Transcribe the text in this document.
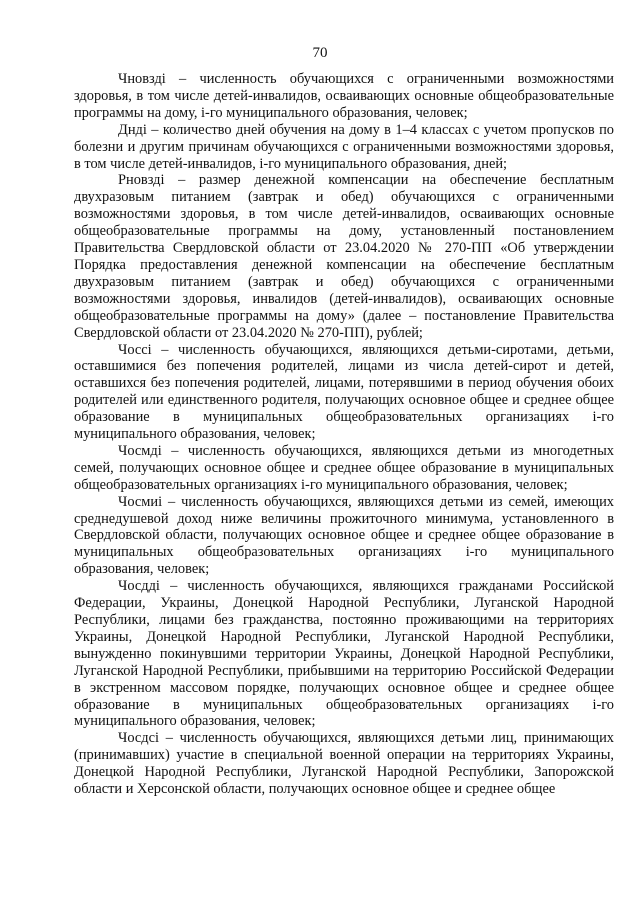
70

Чновзді – численность обучающихся с ограниченными возможностями здоровья, в том числе детей-инвалидов, осваивающих основные общеобразовательные программы на дому, i-го муниципального образования, человек;

Днді – количество дней обучения на дому в 1–4 классах с учетом пропусков по болезни и другим причинам обучающихся с ограниченными возможностями здоровья, в том числе детей-инвалидов, i-го муниципального образования, дней;

Рновзді – размер денежной компенсации на обеспечение бесплатным двухразовым питанием (завтрак и обед) обучающихся с ограниченными возможностями здоровья, в том числе детей-инвалидов, осваивающих основные общеобразовательные программы на дому, установленный постановлением Правительства Свердловской области от 23.04.2020 № 270-ПП «Об утверждении Порядка предоставления денежной компенсации на обеспечение бесплатным двухразовым питанием (завтрак и обед) обучающихся с ограниченными возможностями здоровья, инвалидов (детей-инвалидов), осваивающих основные общеобразовательные программы на дому» (далее – постановление Правительства Свердловской области от 23.04.2020 № 270-ПП), рублей;

Чоссі – численность обучающихся, являющихся детьми-сиротами, детьми, оставшимися без попечения родителей, лицами из числа детей-сирот и детей, оставшихся без попечения родителей, лицами, потерявшими в период обучения обоих родителей или единственного родителя, получающих основное общее и среднее общее образование в муниципальных общеобразовательных организациях i-го муниципального образования, человек;

Чосмді – численность обучающихся, являющихся детьми из многодетных семей, получающих основное общее и среднее общее образование в муниципальных общеобразовательных организациях i-го муниципального образования, человек;

Чосмиі – численность обучающихся, являющихся детьми из семей, имеющих среднедушевой доход ниже величины прожиточного минимума, установленного в Свердловской области, получающих основное общее и среднее общее образование в муниципальных общеобразовательных организациях i-го муниципального образования, человек;

Чосдді – численность обучающихся, являющихся гражданами Российской Федерации, Украины, Донецкой Народной Республики, Луганской Народной Республики, лицами без гражданства, постоянно проживающими на территориях Украины, Донецкой Народной Республики, Луганской Народной Республики, вынужденно покинувшими территории Украины, Донецкой Народной Республики, Луганской Народной Республики, прибывшими на территорию Российской Федерации в экстренном массовом порядке, получающих основное общее и среднее общее образование в муниципальных общеобразовательных организациях i-го муниципального образования, человек;

Чосдсі – численность обучающихся, являющихся детьми лиц, принимающих (принимавших) участие в специальной военной операции на территориях Украины, Донецкой Народной Республики, Луганской Народной Республики, Запорожской области и Херсонской области, получающих основное общее и среднее общее
